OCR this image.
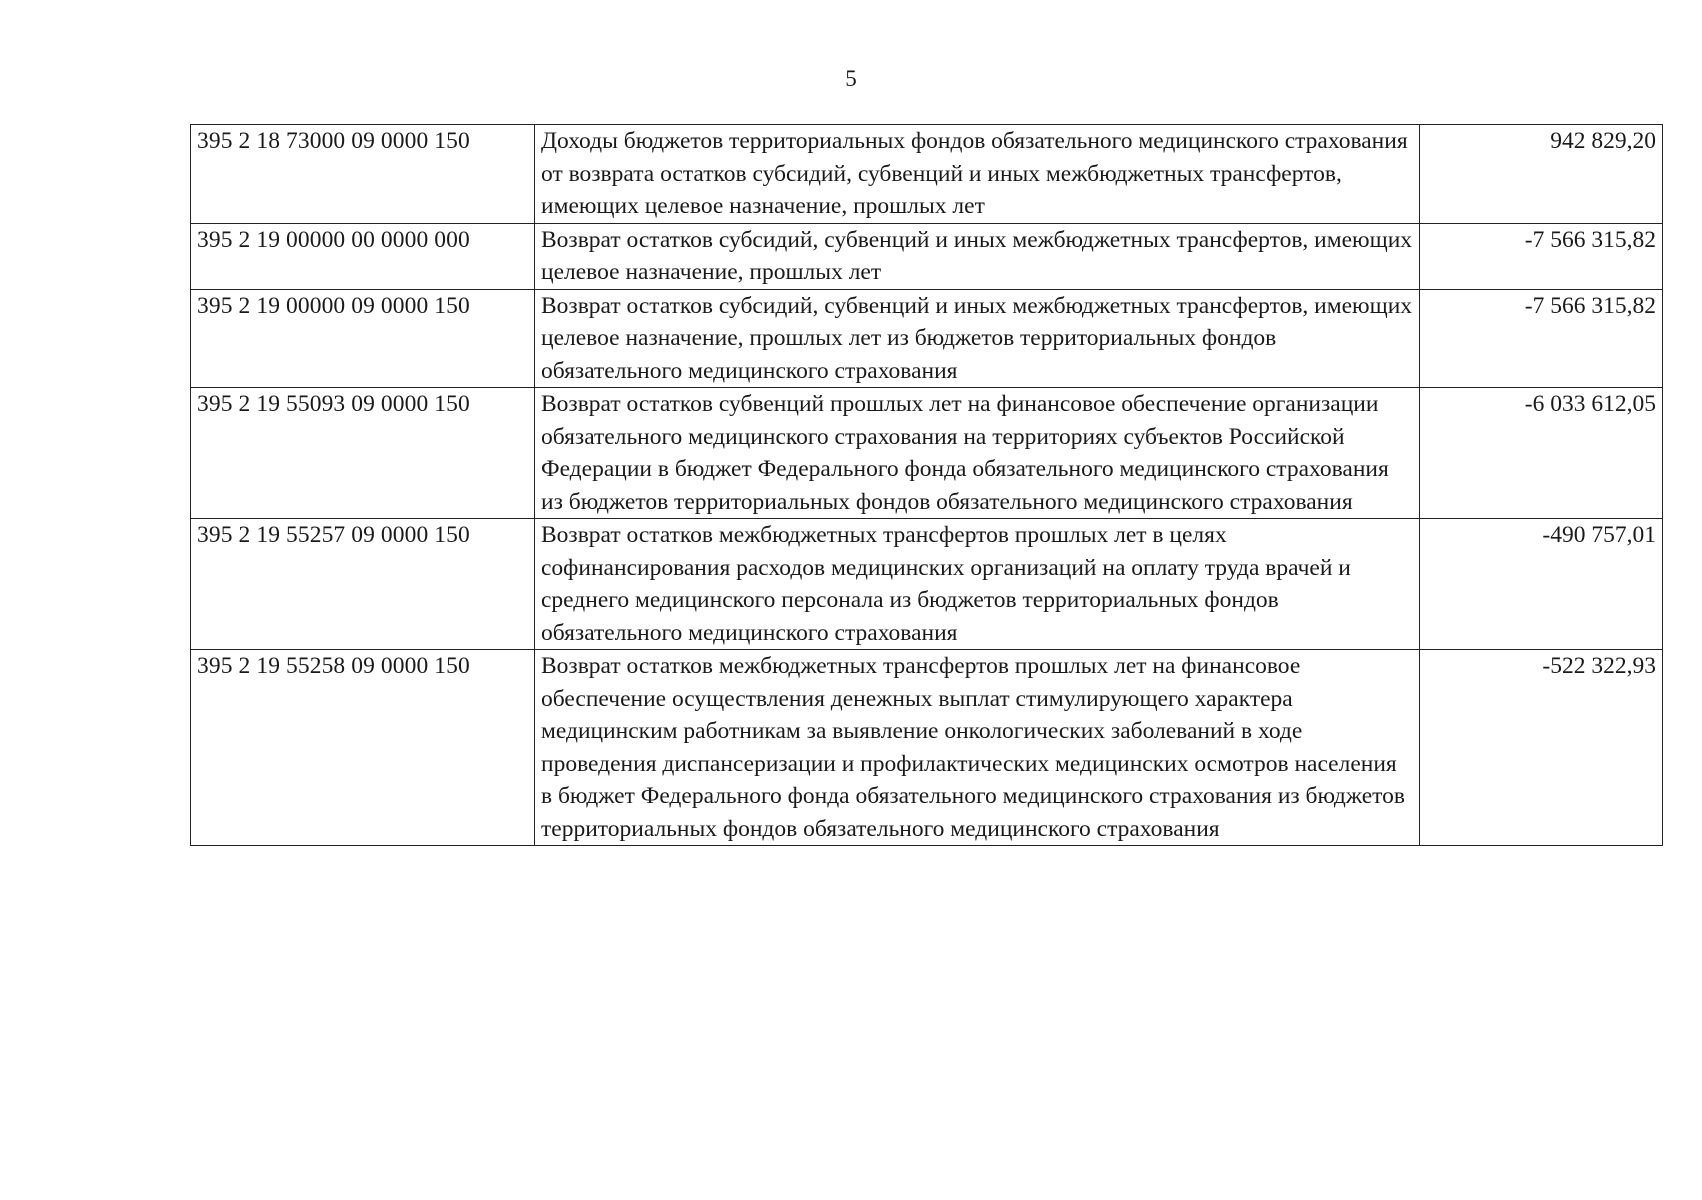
5
395 2 18 73000 09 0000 150	Доходы бюджетов территориальных фондов обязательного медицинского страхования от возврата остатков субсидий, субвенций и иных межбюджетных трансфертов, имеющих целевое назначение, прошлых лет	942 829,20
395 2 19 00000 00 0000 000	Возврат остатков субсидий, субвенций и иных межбюджетных трансфертов, имеющих целевое назначение, прошлых лет	-7 566 315,82
395 2 19 00000 09 0000 150	Возврат остатков субсидий, субвенций и иных межбюджетных трансфертов, имеющих целевое назначение, прошлых лет из бюджетов территориальных фондов обязательного медицинского страхования	-7 566 315,82
395 2 19 55093 09 0000 150	Возврат остатков субвенций прошлых лет на финансовое обеспечение организации обязательного медицинского страхования на территориях субъектов Российской Федерации в бюджет Федерального фонда обязательного медицинского страхования из бюджетов территориальных фондов обязательного медицинского страхования	-6 033 612,05
395 2 19 55257 09 0000 150	Возврат остатков межбюджетных трансфертов прошлых лет в целях софинансирования расходов медицинских организаций на оплату труда врачей и среднего медицинского персонала из бюджетов территориальных фондов обязательного медицинского страхования	-490 757,01
395 2 19 55258 09 0000 150	Возврат остатков межбюджетных трансфертов прошлых лет на финансовое обеспечение осуществления денежных выплат стимулирующего характера медицинским работникам за выявление онкологических заболеваний в ходе проведения диспансеризации и профилактических медицинских осмотров населения в бюджет Федерального фонда обязательного медицинского страхования из бюджетов территориальных фондов обязательного медицинского страхования	-522 322,93
